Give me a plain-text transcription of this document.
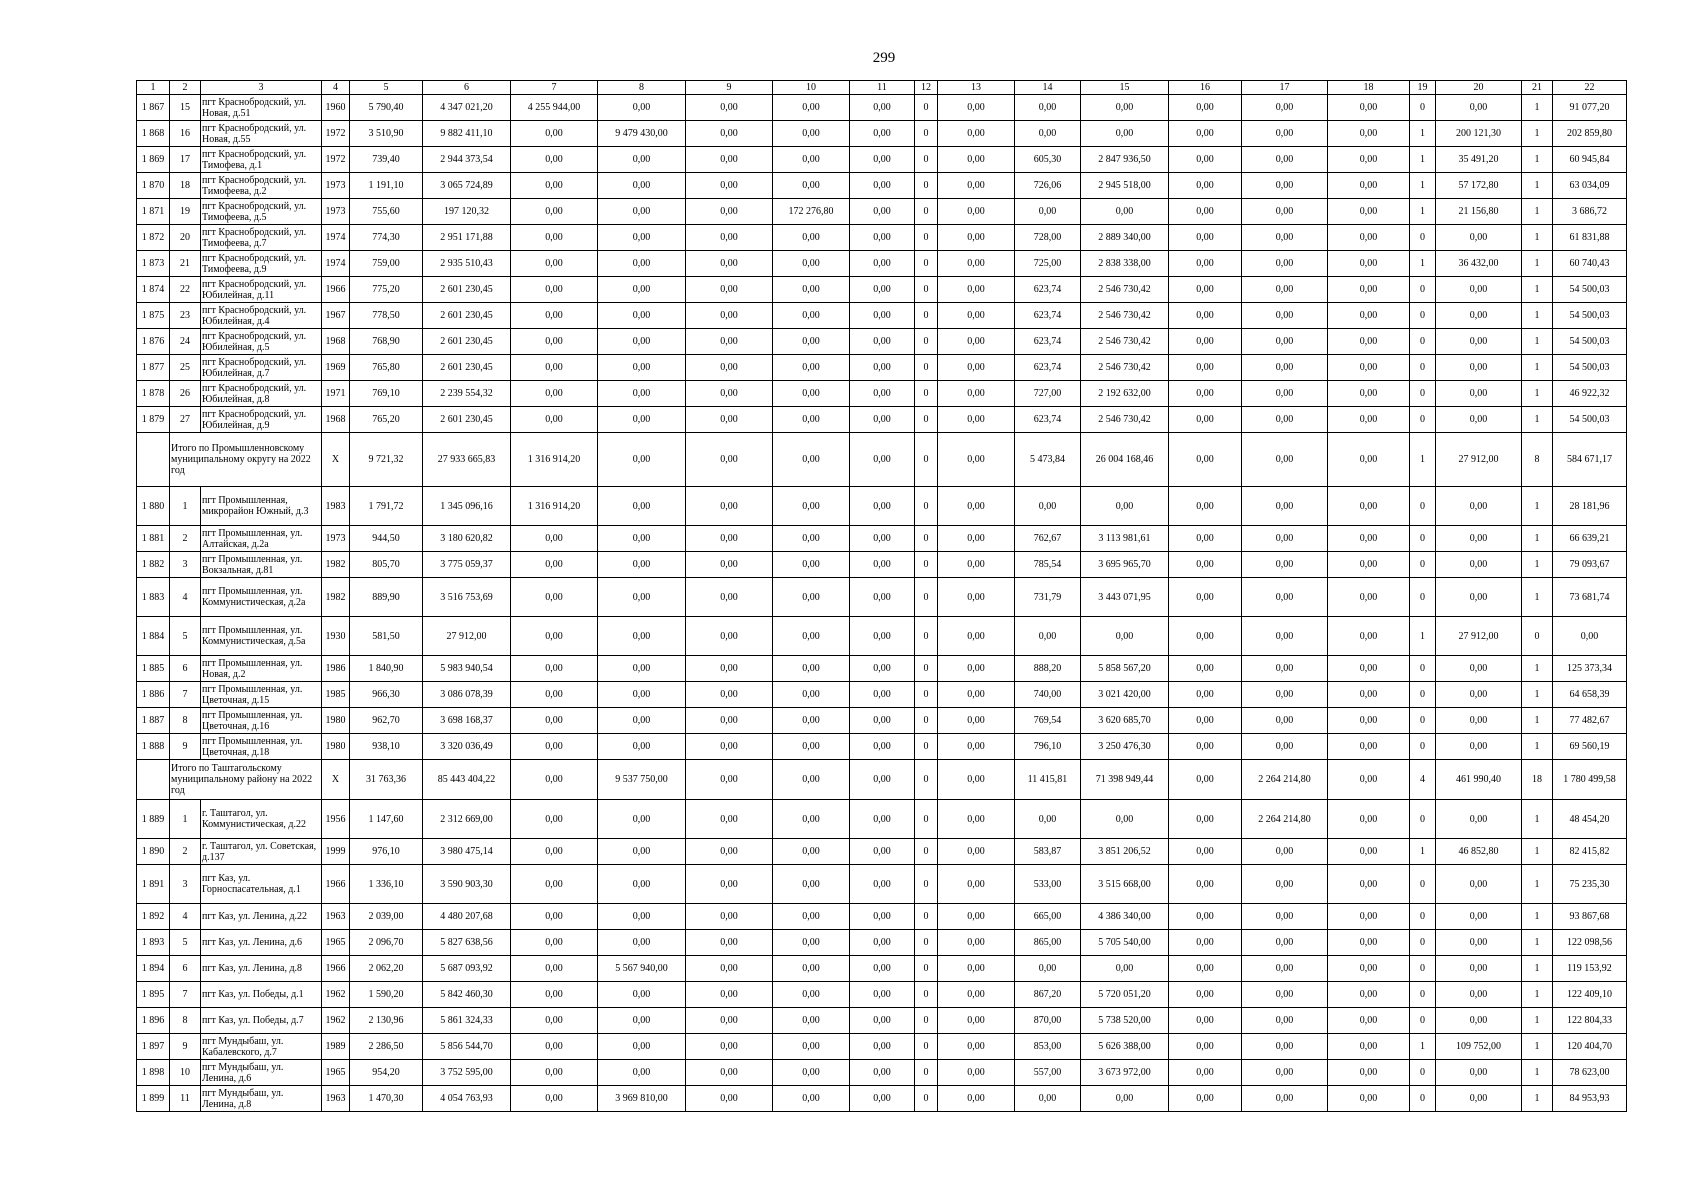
299
1	2	3	4	5	6	7	8	9	10	11	12	13	14	15	16	17	18	19	20	21	22
1 867	15	пгт Краснобродский, ул. Новая, д.51	1960	5 790,40	4 347 021,20	4 255 944,00	0,00	0,00	0,00	0,00	0	0,00	0,00	0,00	0,00	0,00	0,00	0	0,00	1	91 077,20
1 868	16	пгт Краснобродский, ул. Новая, д.55	1972	3 510,90	9 882 411,10	0,00	9 479 430,00	0,00	0,00	0,00	0	0,00	0,00	0,00	0,00	0,00	0,00	1	200 121,30	1	202 859,80
1 869	17	пгт Краснобродский, ул. Тимофева, д.1	1972	739,40	2 944 373,54	0,00	0,00	0,00	0,00	0,00	0	0,00	605,30	2 847 936,50	0,00	0,00	0,00	1	35 491,20	1	60 945,84
1 870	18	пгт Краснобродский, ул. Тимофеева, д.2	1973	1 191,10	3 065 724,89	0,00	0,00	0,00	0,00	0,00	0	0,00	726,06	2 945 518,00	0,00	0,00	0,00	1	57 172,80	1	63 034,09
1 871	19	пгт Краснобродский, ул. Тимофеева, д.5	1973	755,60	197 120,32	0,00	0,00	0,00	172 276,80	0,00	0	0,00	0,00	0,00	0,00	0,00	0,00	1	21 156,80	1	3 686,72
1 872	20	пгт Краснобродский, ул. Тимофеева, д.7	1974	774,30	2 951 171,88	0,00	0,00	0,00	0,00	0,00	0	0,00	728,00	2 889 340,00	0,00	0,00	0,00	0	0,00	1	61 831,88
1 873	21	пгт Краснобродский, ул. Тимофеева, д.9	1974	759,00	2 935 510,43	0,00	0,00	0,00	0,00	0,00	0	0,00	725,00	2 838 338,00	0,00	0,00	0,00	1	36 432,00	1	60 740,43
1 874	22	пгт Краснобродский, ул. Юбилейная, д.11	1966	775,20	2 601 230,45	0,00	0,00	0,00	0,00	0,00	0	0,00	623,74	2 546 730,42	0,00	0,00	0,00	0	0,00	1	54 500,03
1 875	23	пгт Краснобродский, ул. Юбилейная, д.4	1967	778,50	2 601 230,45	0,00	0,00	0,00	0,00	0,00	0	0,00	623,74	2 546 730,42	0,00	0,00	0,00	0	0,00	1	54 500,03
1 876	24	пгт Краснобродский, ул. Юбилейная, д.5	1968	768,90	2 601 230,45	0,00	0,00	0,00	0,00	0,00	0	0,00	623,74	2 546 730,42	0,00	0,00	0,00	0	0,00	1	54 500,03
1 877	25	пгт Краснобродский, ул. Юбилейная, д.7	1969	765,80	2 601 230,45	0,00	0,00	0,00	0,00	0,00	0	0,00	623,74	2 546 730,42	0,00	0,00	0,00	0	0,00	1	54 500,03
1 878	26	пгт Краснобродский, ул. Юбилейная, д.8	1971	769,10	2 239 554,32	0,00	0,00	0,00	0,00	0,00	0	0,00	727,00	2 192 632,00	0,00	0,00	0,00	0	0,00	1	46 922,32
1 879	27	пгт Краснобродский, ул. Юбилейная, д.9	1968	765,20	2 601 230,45	0,00	0,00	0,00	0,00	0,00	0	0,00	623,74	2 546 730,42	0,00	0,00	0,00	0	0,00	1	54 500,03
	Итого по Промышленновскому муниципальному округу на 2022 год		X	9 721,32	27 933 665,83	1 316 914,20	0,00	0,00	0,00	0,00	0	0,00	5 473,84	26 004 168,46	0,00	0,00	0,00	1	27 912,00	8	584 671,17
1 880	1	пгт Промышленная, микрорайон Южный, д.3	1983	1 791,72	1 345 096,16	1 316 914,20	0,00	0,00	0,00	0,00	0	0,00	0,00	0,00	0,00	0,00	0,00	0	0,00	1	28 181,96
1 881	2	пгт Промышленная, ул. Алтайская, д.2а	1973	944,50	3 180 620,82	0,00	0,00	0,00	0,00	0,00	0	0,00	762,67	3 113 981,61	0,00	0,00	0,00	0	0,00	1	66 639,21
1 882	3	пгт Промышленная, ул. Вокзальная, д.81	1982	805,70	3 775 059,37	0,00	0,00	0,00	0,00	0,00	0	0,00	785,54	3 695 965,70	0,00	0,00	0,00	0	0,00	1	79 093,67
1 883	4	пгт Промышленная, ул. Коммунистическая, д.2а	1982	889,90	3 516 753,69	0,00	0,00	0,00	0,00	0,00	0	0,00	731,79	3 443 071,95	0,00	0,00	0,00	0	0,00	1	73 681,74
1 884	5	пгт Промышленная, ул. Коммунистическая, д.5а	1930	581,50	27 912,00	0,00	0,00	0,00	0,00	0,00	0	0,00	0,00	0,00	0,00	0,00	0,00	1	27 912,00	0	0,00
1 885	6	пгт Промышленная, ул. Новая, д.2	1986	1 840,90	5 983 940,54	0,00	0,00	0,00	0,00	0,00	0	0,00	888,20	5 858 567,20	0,00	0,00	0,00	0	0,00	1	125 373,34
1 886	7	пгт Промышленная, ул. Цветочная, д.15	1985	966,30	3 086 078,39	0,00	0,00	0,00	0,00	0,00	0	0,00	740,00	3 021 420,00	0,00	0,00	0,00	0	0,00	1	64 658,39
1 887	8	пгт Промышленная, ул. Цветочная, д.16	1980	962,70	3 698 168,37	0,00	0,00	0,00	0,00	0,00	0	0,00	769,54	3 620 685,70	0,00	0,00	0,00	0	0,00	1	77 482,67
1 888	9	пгт Промышленная, ул. Цветочная, д.18	1980	938,10	3 320 036,49	0,00	0,00	0,00	0,00	0,00	0	0,00	796,10	3 250 476,30	0,00	0,00	0,00	0	0,00	1	69 560,19
	Итого по Таштагольскому муниципальному району на 2022 год		X	31 763,36	85 443 404,22	0,00	9 537 750,00	0,00	0,00	0,00	0	0,00	11 415,81	71 398 949,44	0,00	2 264 214,80	0,00	4	461 990,40	18	1 780 499,58
1 889	1	г. Таштагол, ул. Коммунистическая, д.22	1956	1 147,60	2 312 669,00	0,00	0,00	0,00	0,00	0,00	0	0,00	0,00	0,00	0,00	2 264 214,80	0,00	0	0,00	1	48 454,20
1 890	2	г. Таштагол, ул. Советская, д.137	1999	976,10	3 980 475,14	0,00	0,00	0,00	0,00	0,00	0	0,00	583,87	3 851 206,52	0,00	0,00	0,00	1	46 852,80	1	82 415,82
1 891	3	пгт Каз, ул. Горноспасательная, д.1	1966	1 336,10	3 590 903,30	0,00	0,00	0,00	0,00	0,00	0	0,00	533,00	3 515 668,00	0,00	0,00	0,00	0	0,00	1	75 235,30
1 892	4	пгт Каз, ул. Ленина, д.22	1963	2 039,00	4 480 207,68	0,00	0,00	0,00	0,00	0,00	0	0,00	665,00	4 386 340,00	0,00	0,00	0,00	0	0,00	1	93 867,68
1 893	5	пгт Каз, ул. Ленина, д.6	1965	2 096,70	5 827 638,56	0,00	0,00	0,00	0,00	0,00	0	0,00	865,00	5 705 540,00	0,00	0,00	0,00	0	0,00	1	122 098,56
1 894	6	пгт Каз, ул. Ленина, д.8	1966	2 062,20	5 687 093,92	0,00	5 567 940,00	0,00	0,00	0,00	0	0,00	0,00	0,00	0,00	0,00	0,00	0	0,00	1	119 153,92
1 895	7	пгт Каз, ул. Победы, д.1	1962	1 590,20	5 842 460,30	0,00	0,00	0,00	0,00	0,00	0	0,00	867,20	5 720 051,20	0,00	0,00	0,00	0	0,00	1	122 409,10
1 896	8	пгт Каз, ул. Победы, д.7	1962	2 130,96	5 861 324,33	0,00	0,00	0,00	0,00	0,00	0	0,00	870,00	5 738 520,00	0,00	0,00	0,00	0	0,00	1	122 804,33
1 897	9	пгт Мундыбаш, ул. Кабалевского, д.7	1989	2 286,50	5 856 544,70	0,00	0,00	0,00	0,00	0,00	0	0,00	853,00	5 626 388,00	0,00	0,00	0,00	1	109 752,00	1	120 404,70
1 898	10	пгт Мундыбаш, ул. Ленина, д.6	1965	954,20	3 752 595,00	0,00	0,00	0,00	0,00	0,00	0	0,00	557,00	3 673 972,00	0,00	0,00	0,00	0	0,00	1	78 623,00
1 899	11	пгт Мундыбаш, ул. Ленина, д.8	1963	1 470,30	4 054 763,93	0,00	3 969 810,00	0,00	0,00	0,00	0	0,00	0,00	0,00	0,00	0,00	0,00	0	0,00	1	84 953,93
